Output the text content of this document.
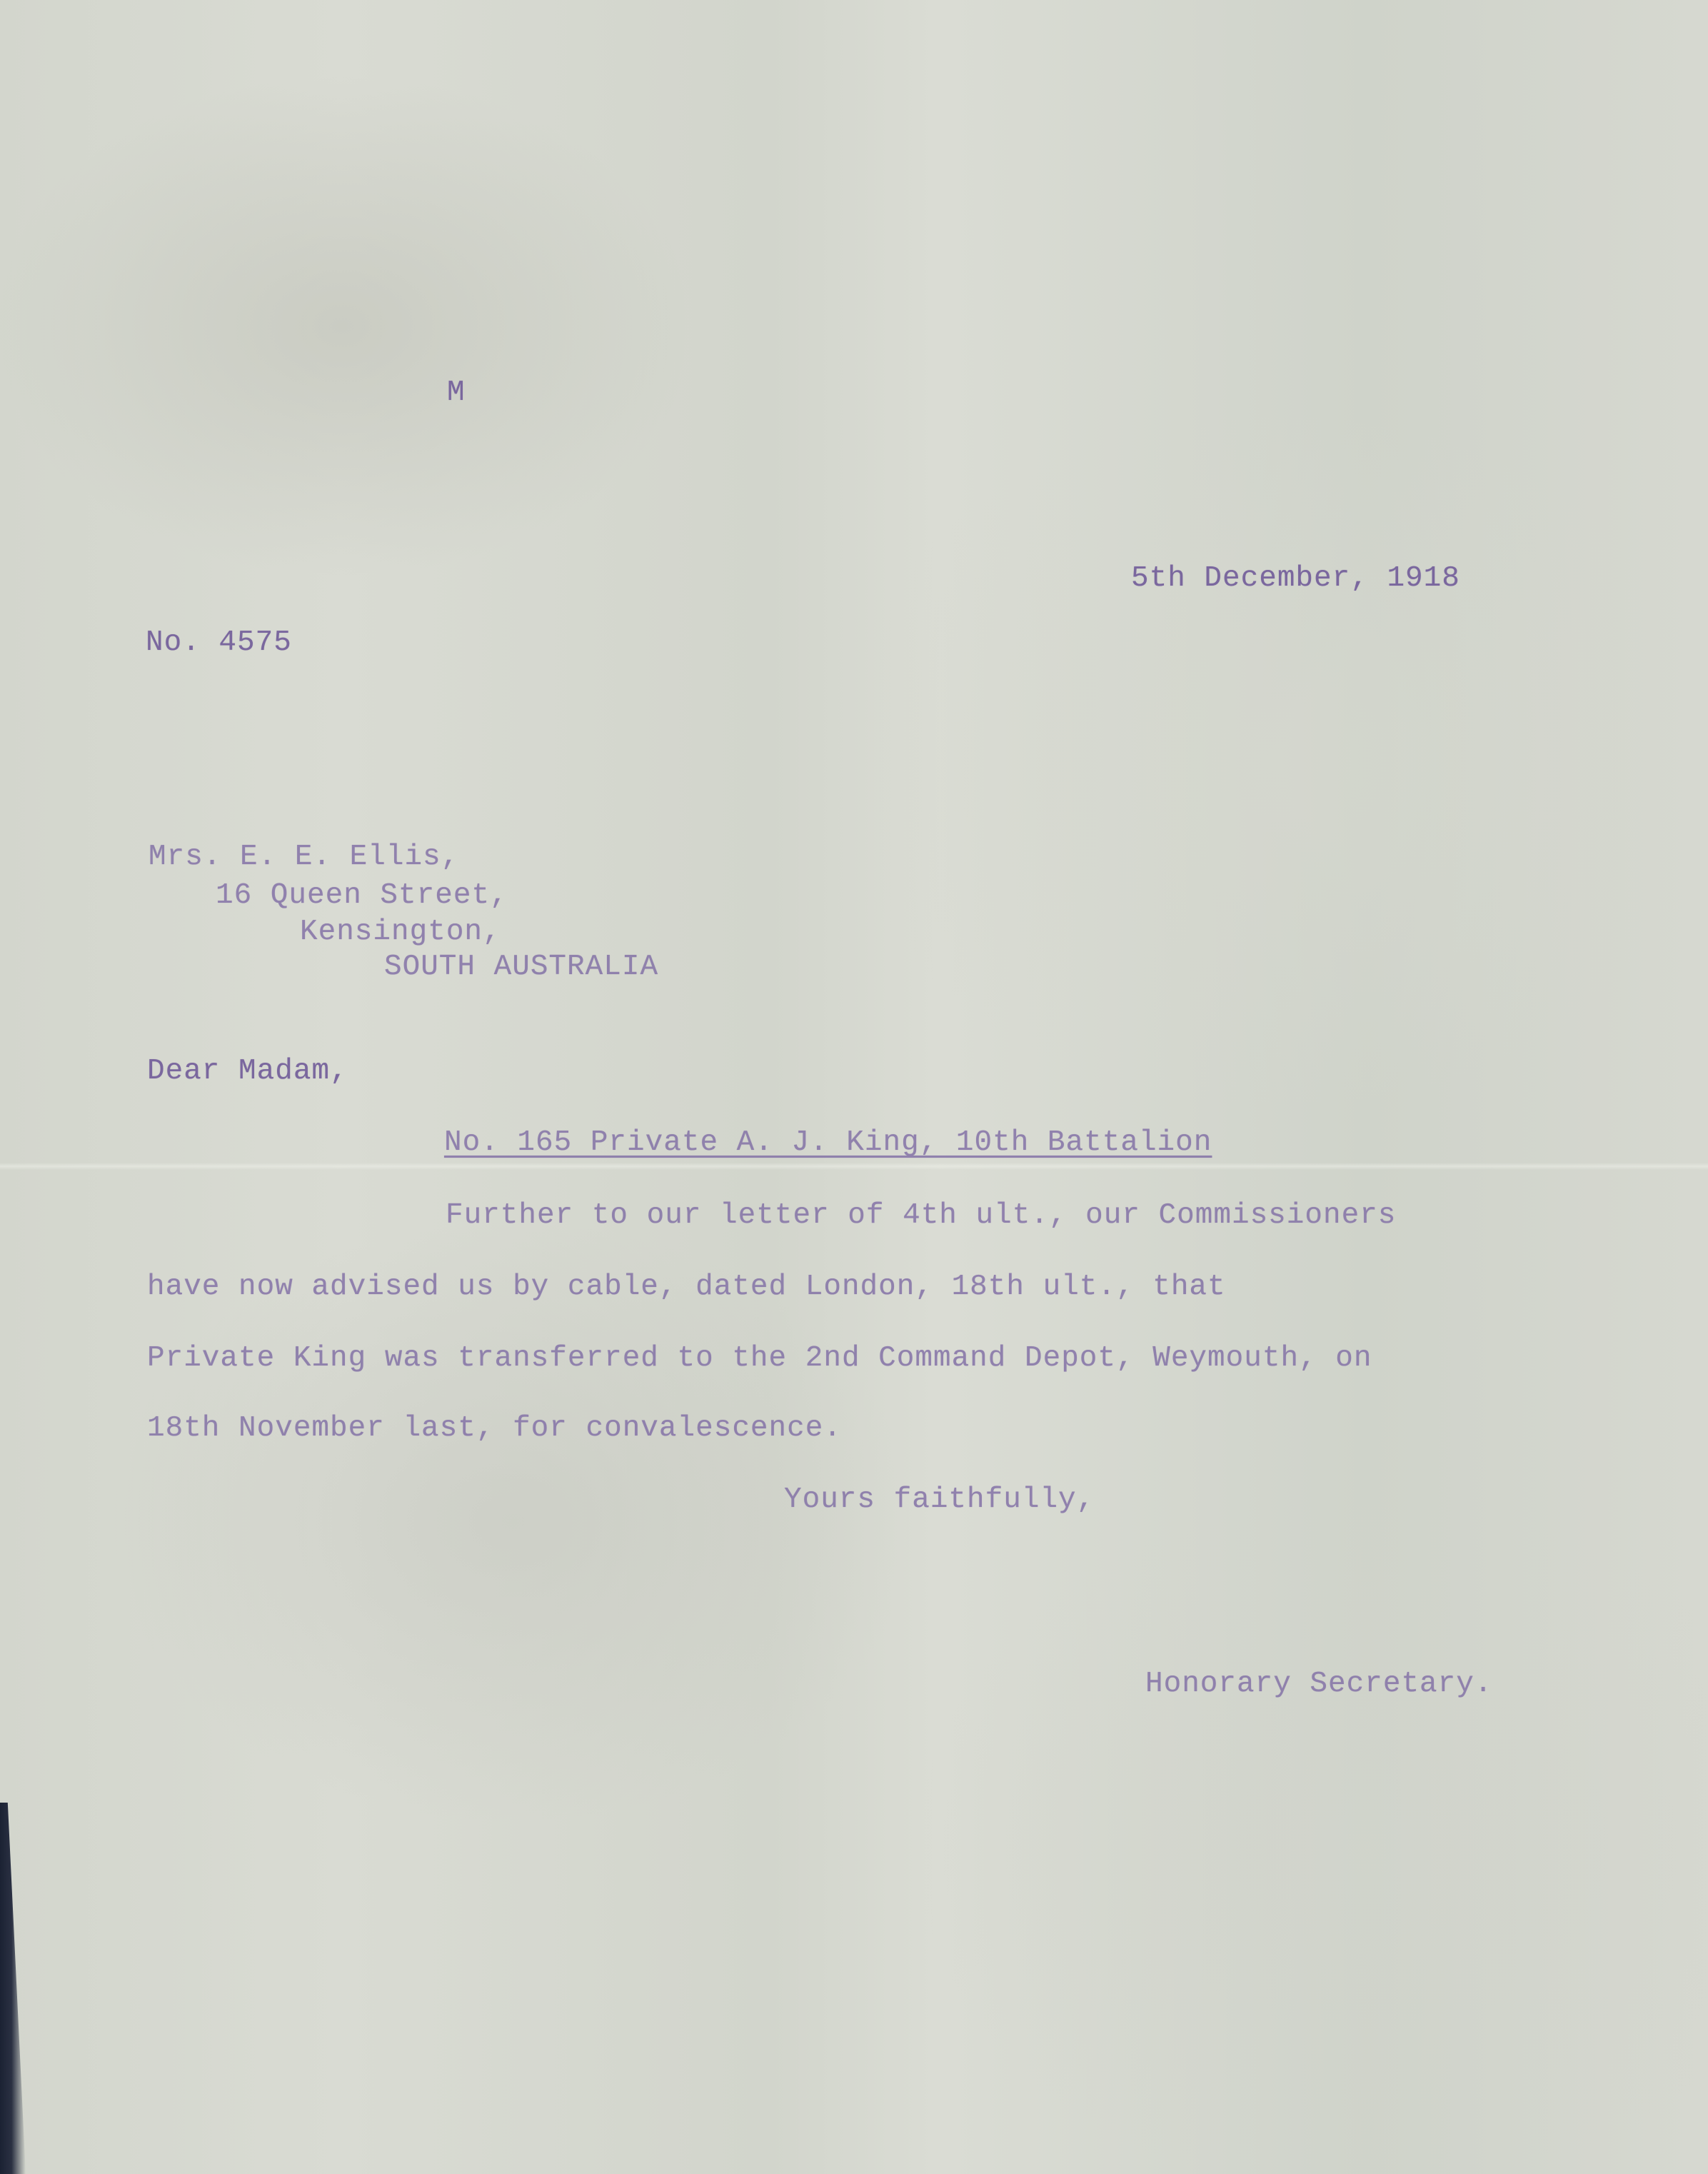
M
5th December, 1918
No. 4575
Mrs. E. E. Ellis,
16 Queen Street,
Kensington,
SOUTH AUSTRALIA
Dear Madam,
No. 165 Private A. J. King, 10th Battalion
Further to our letter of 4th ult., our Commissioners
have now advised us by cable, dated London, 18th ult., that
Private King was transferred to the 2nd Command Depot, Weymouth, on
18th November last, for convalescence.
Yours faithfully,
Honorary Secretary.
